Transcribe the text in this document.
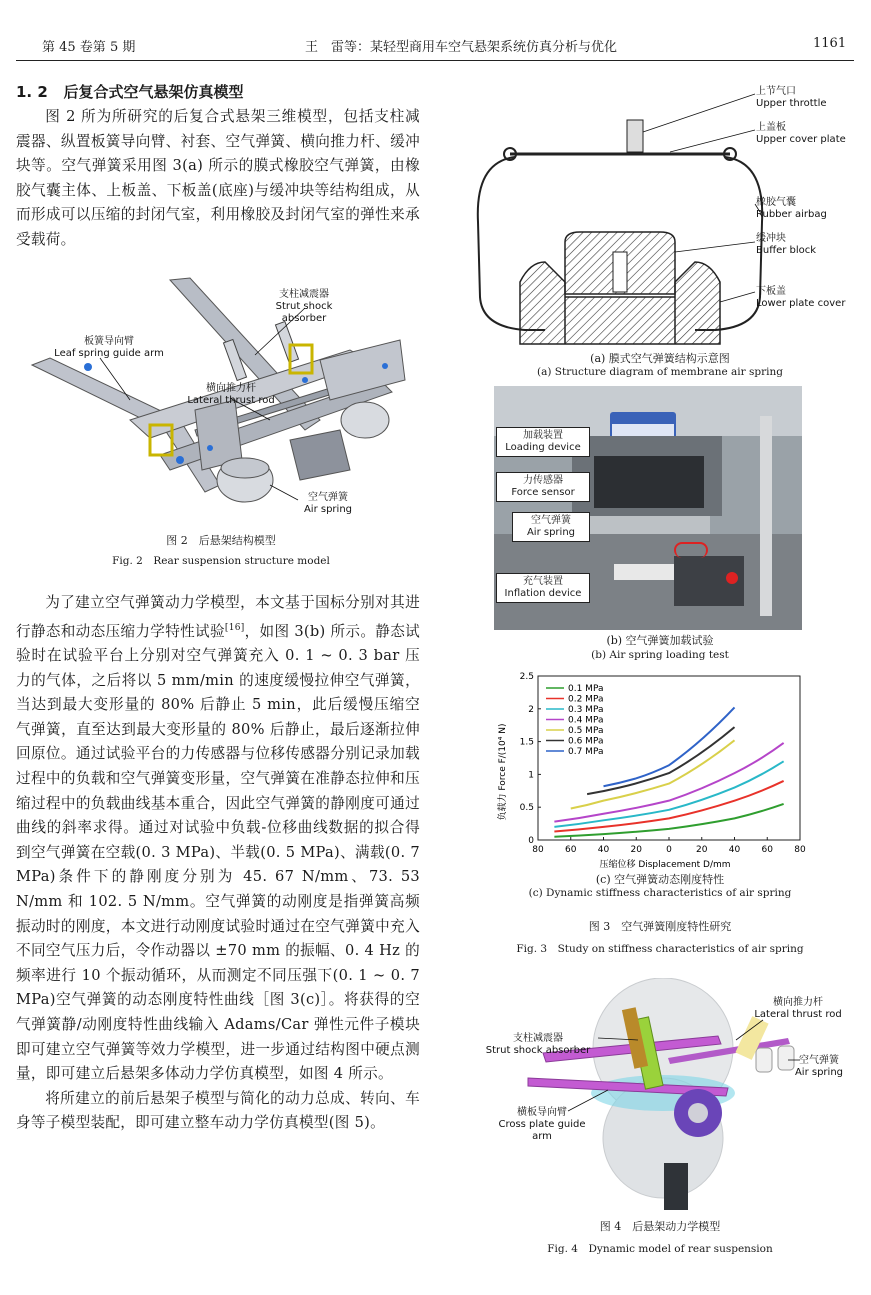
第 45 卷第 5 期	王　雷等：某轻型商用车空气悬架系统仿真分析与优化	1161
1. 2 后复合式空气悬架仿真模型

图 2 所为所研究的后复合式悬架三维模型，包括支柱减震器、纵置板簧导向臂、衬套、空气弹簧、横向推力杆、缓冲块等。空气弹簧采用图 3(a) 所示的膜式橡胶空气弹簧，由橡胶气囊主体、上板盖、下板盖(底座)与缓冲块等结构组成，从而形成可以压缩的封闭气室，利用橡胶及封闭气室的弹性来承受载荷。

支柱减震器
Strut shock absorber
板簧导向臂
Leaf spring guide arm
横向推力杆
Lateral thrust rod
空气弹簧
Air spring
图 2　后悬架结构模型
Fig. 2　Rear suspension structure model

为了建立空气弹簧动力学模型，本文基于国标分别对其进行静态和动态压缩力学特性试验[16]，如图 3(b) 所示。静态试验时在试验平台上分别对空气弹簧充入 0. 1 ~ 0. 3 bar 压力的气体，之后将以 5 mm/min 的速度缓慢拉伸空气弹簧，当达到最大变形量的 80% 后静止 5 min，此后缓慢压缩空气弹簧，直至达到最大变形量的 80% 后静止，最后逐渐拉伸回原位。通过试验平台的力传感器与位移传感器分别记录加载过程中的负载和空气弹簧变形量，空气弹簧在准静态拉伸和压缩过程中的负载曲线基本重合，因此空气弹簧的静刚度可通过曲线的斜率求得。通过对试验中负载-位移曲线数据的拟合得到空气弹簧在空载(0. 3 MPa)、半载(0. 5 MPa)、满载(0. 7 MPa)条件下的静刚度分别为 45. 67 N/mm、73. 53 N/mm 和 102. 5 N/mm。空气弹簧的动刚度是指弹簧高频振动时的刚度，本文进行动刚度试验时通过在空气弹簧中充入不同空气压力后，令作动器以 ±70 mm 的振幅、0. 4 Hz 的频率进行 10 个振动循环，从而测定不同压强下(0. 1 ~ 0. 7 MPa)空气弹簧的动态刚度特性曲线［图 3(c)］。将获得的空气弹簧静/动刚度特性曲线输入 Adams/Car 弹性元件子模块即可建立空气弹簧等效力学模型，进一步通过结构图中硬点测量，即可建立后悬架多体动力学仿真模型，如图 4 所示。

将所建立的前后悬架子模型与简化的动力总成、转向、车身等子模型装配，即可建立整车动力学仿真模型(图 5)。

上节气口
Upper throttle
上盖板
Upper cover plate
橡胶气囊
Rubber airbag
缓冲块
Buffer block
下板盖
Lower plate cover
(a) 膜式空气弹簧结构示意图
(a) Structure diagram of membrane air spring
加载装置
Loading device
力传感器
Force sensor
空气弹簧
Air spring
充气装置
Inflation device
(b) 空气弹簧加载试验
(b) Air spring loading test
80 60 40 20	0	20 40 60 80
0
0.5
1
1.5
2
2.5
0.1 MPa
0.2 MPa
0.3 MPa
0.4 MPa
0.5 MPa
0.6 MPa
0.7 MPa
负载力 Force F/(10⁴ N)
压缩位移 Displacement D/mm
(c) 空气弹簧动态刚度特性
(c) Dynamic stiffness characteristics of air spring
图 3　空气弹簧刚度特性研究
Fig. 3　Study on stiffness characteristics of air spring
横向推力杆
Lateral thrust rod
支柱减震器
Strut shock absorber
空气弹簧
Air spring
横板导向臂
Cross plate guide arm
图 4　后悬架动力学模型
Fig. 4　Dynamic model of rear suspension
